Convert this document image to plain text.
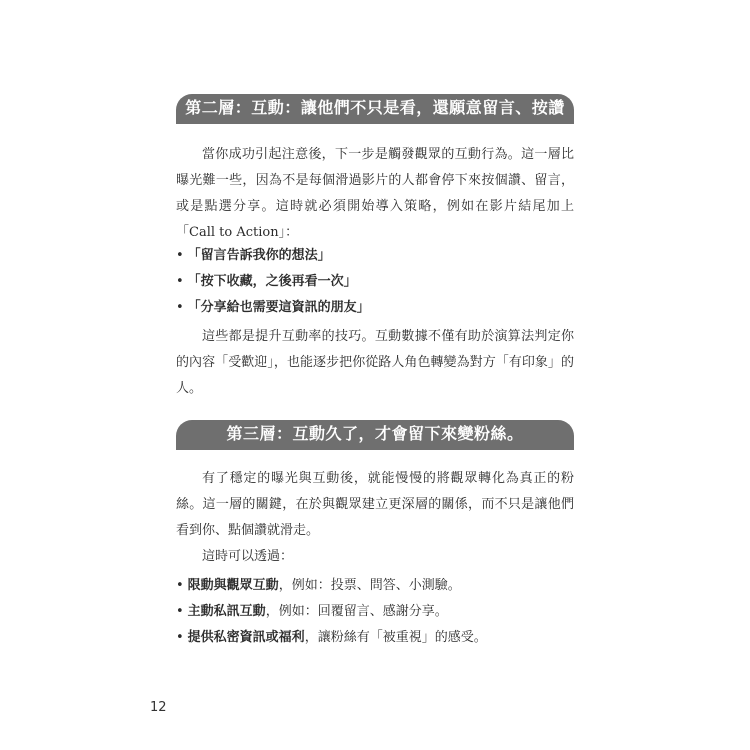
第二層：互動：讓他們不只是看，還願意留言、按讚

當你成功引起注意後，下一步是觸發觀眾的互動行為。這一層比曝光難一些，因為不是每個滑過影片的人都會停下來按個讚、留言，或是點選分享。這時就必須開始導入策略，例如在影片結尾加上「Call to Action」：

• 「留言告訴我你的想法」

• 「按下收藏，之後再看一次」

• 「分享給也需要這資訊的朋友」

這些都是提升互動率的技巧。互動數據不僅有助於演算法判定你的內容「受歡迎」，也能逐步把你從路人角色轉變為對方「有印象」的人。

第三層：互動久了，才會留下來變粉絲。

有了穩定的曝光與互動後，就能慢慢的將觀眾轉化為真正的粉絲。這一層的關鍵，在於與觀眾建立更深層的關係，而不只是讓他們看到你、點個讚就滑走。

這時可以透過：

• 限動與觀眾互動，例如：投票、問答、小測驗。

• 主動私訊互動，例如：回覆留言、感謝分享。

• 提供私密資訊或福利，讓粉絲有「被重視」的感受。

12
